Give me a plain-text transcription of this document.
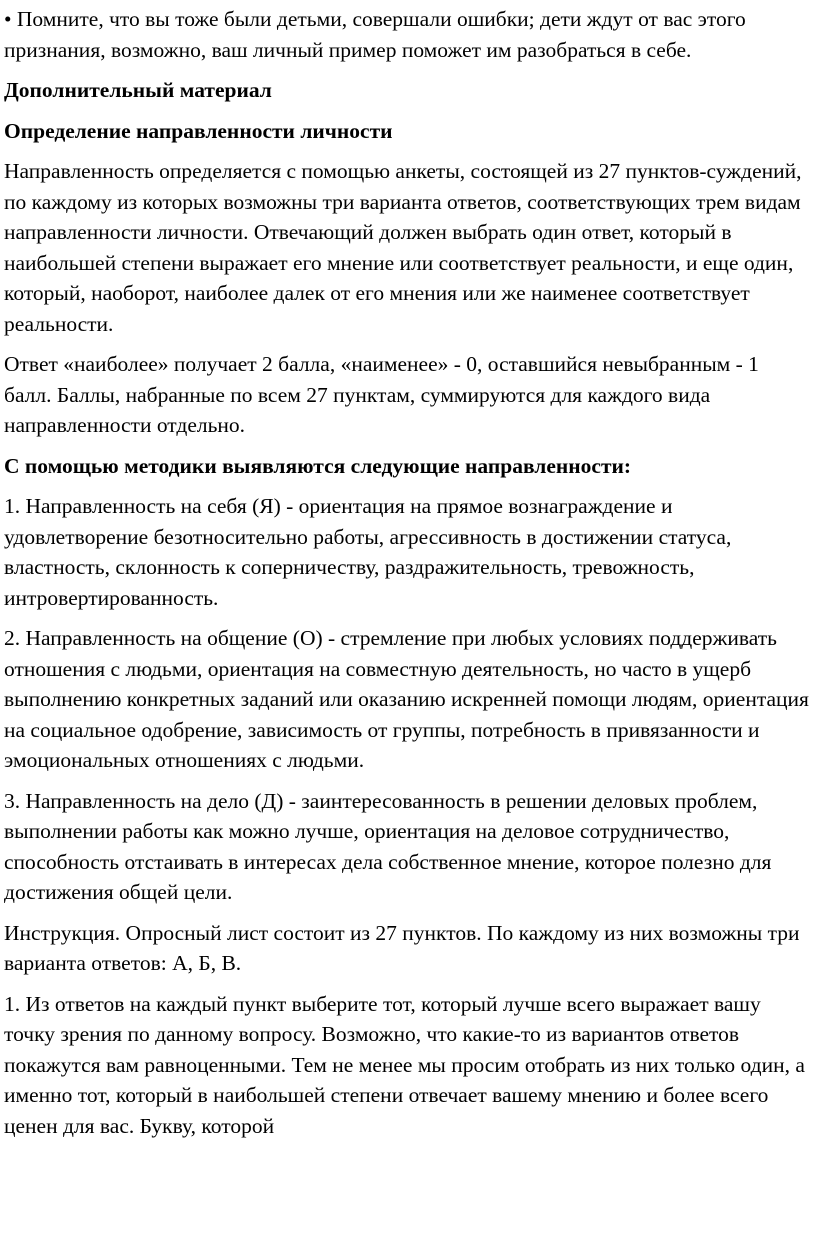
• Помните, что вы тоже были детьми, совершали ошибки; дети ждут от вас этого признания, возможно, ваш личный пример поможет им разобраться в себе.

Дополнительный материал

Определение направленности личности

Направленность определяется с помощью анкеты, состоящей из 27 пунктов-суждений, по каждому из которых возможны три варианта ответов, соответствующих трем видам направленности личности. Отвечающий должен выбрать один ответ, который в наибольшей степени выражает его мнение или соответствует реальности, и еще один, который, наоборот, наиболее далек от его мнения или же наименее соответствует реальности.

Ответ «наиболее» получает 2 балла, «наименее» - 0, оставшийся невыбранным - 1 балл. Баллы, набранные по всем 27 пунктам, суммируются для каждого вида направленности отдельно.

С помощью методики выявляются следующие направленности:

1. Направленность на себя (Я) - ориентация на прямое вознаграждение и удовлетворение безотносительно работы, агрессивность в достижении статуса, властность, склонность к соперничеству, раздражительность, тревожность, интровертированность.

2. Направленность на общение (О) - стремление при любых условиях поддерживать отношения с людьми, ориентация на совместную деятельность, но часто в ущерб выполнению конкретных заданий или оказанию искренней помощи людям, ориентация на социальное одобрение, зависимость от группы, потребность в привязанности и эмоциональных отношениях с людьми.

3. Направленность на дело (Д) - заинтересованность в решении деловых проблем, выполнении работы как можно лучше, ориентация на деловое сотрудничество, способность отстаивать в интересах дела собственное мнение, которое полезно для достижения общей цели.

Инструкция. Опросный лист состоит из 27 пунктов. По каждому из них возможны три варианта ответов: А, Б, В.

1. Из ответов на каждый пункт выберите тот, который лучше всего выражает вашу точку зрения по данному вопросу. Возможно, что какие-то из вариантов ответов покажутся вам равноценными. Тем не менее мы просим отобрать из них только один, а именно тот, который в наибольшей степени отвечает вашему мнению и более всего ценен для вас. Букву, которой
